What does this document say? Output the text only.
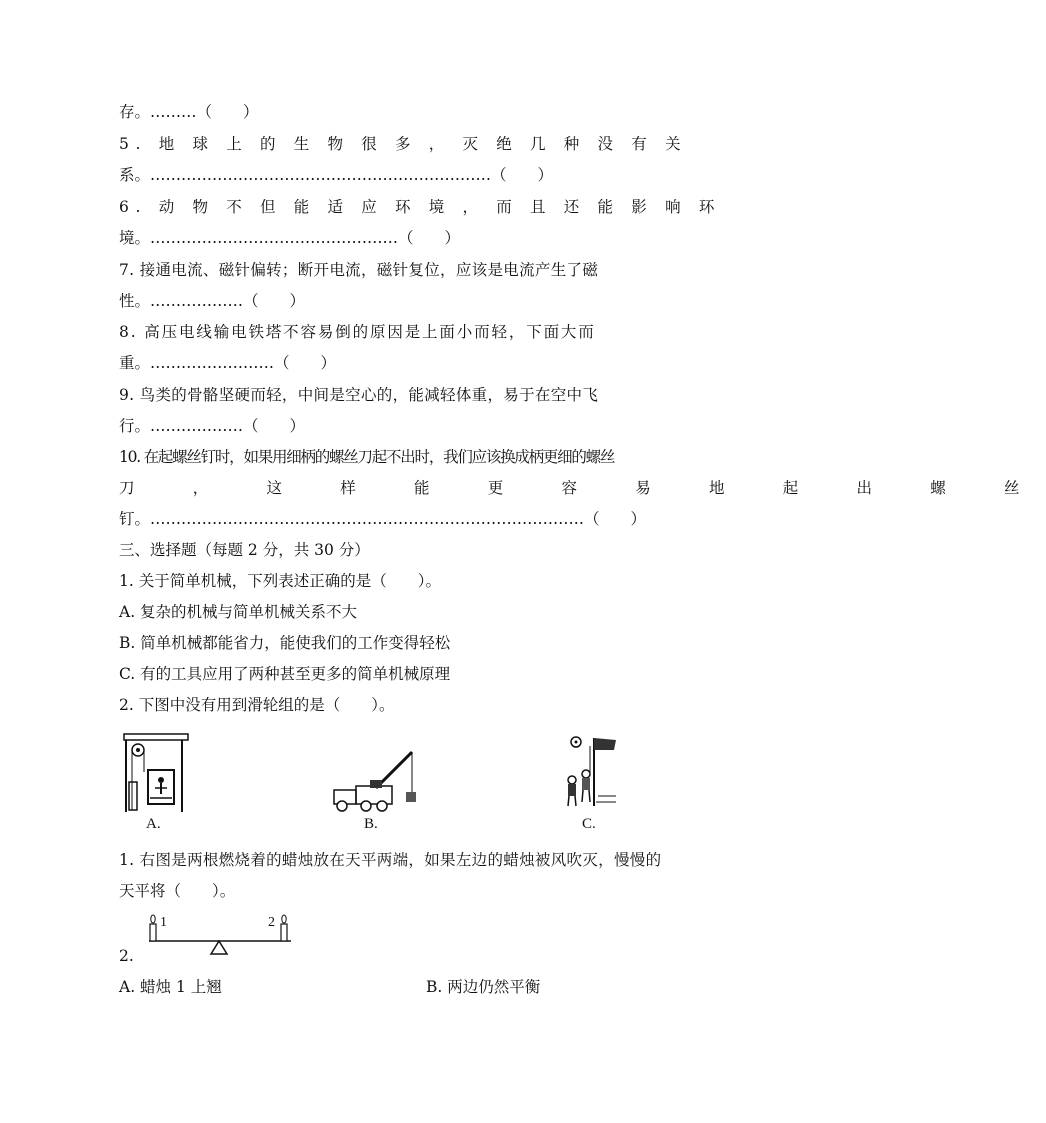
存。………（　　）
5. 地 球 上 的 生 物 很 多 ， 灭 绝 几 种 没 有 关
系。…………………………………………………………（　　）
6. 动 物 不 但 能 适 应 环 境 ， 而 且 还 能 影 响 环
境。…………………………………………（　　）
7. 接通电流、磁针偏转；断开电流，磁针复位，应该是电流产生了磁
性。………………（　　）
8. 高压电线输电铁塔不容易倒的原因是上面小而轻，下面大而
重。……………………（　　）
9. 鸟类的骨骼坚硬而轻，中间是空心的，能减轻体重，易于在空中飞
行。………………（　　）
10. 在起螺丝钉时，如果用细柄的螺丝刀起不出时，我们应该换成柄更细的螺丝
刀 ， 这 样 能 更 容 易 地 起 出 螺 丝
钉。…………………………………………………………………………（　　）
三、选择题（每题 2 分，共 30 分）
1. 关于简单机械，下列表述正确的是（　　）。
A. 复杂的机械与简单机械关系不大
B. 简单机械都能省力，能使我们的工作变得轻松
C. 有的工具应用了两种甚至更多的简单机械原理
2. 下图中没有用到滑轮组的是（　　）。
A.	B.	C.
1. 右图是两根燃烧着的蜡烛放在天平两端，如果左边的蜡烛被风吹灭，慢慢的
天平将（　　）。
1	2
2.
A. 蜡烛 1 上翘	B. 两边仍然平衡
